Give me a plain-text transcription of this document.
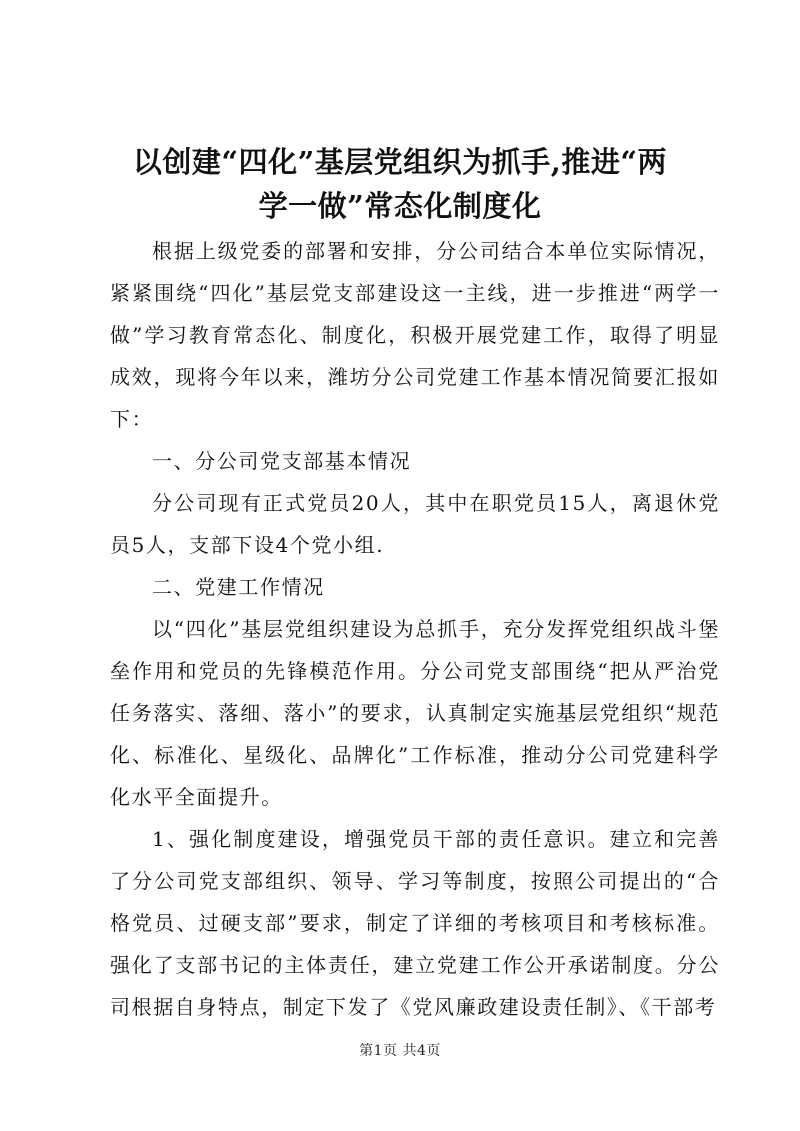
以创建“四化”基层党组织为抓手,推进“两
学一做”常态化制度化

根据上级党委的部署和安排，分公司结合本单位实际情况，紧紧围绕“四化”基层党支部建设这一主线，进一步推进“两学一做”学习教育常态化、制度化，积极开展党建工作，取得了明显成效，现将今年以来，潍坊分公司党建工作基本情况简要汇报如下：

一、分公司党支部基本情况

分公司现有正式党员20人，其中在职党员15人，离退休党员5人，支部下设4个党小组.

二、党建工作情况

以“四化”基层党组织建设为总抓手，充分发挥党组织战斗堡垒作用和党员的先锋模范作用。分公司党支部围绕“把从严治党任务落实、落细、落小”的要求，认真制定实施基层党组织“规范化、标准化、星级化、品牌化”工作标准，推动分公司党建科学化水平全面提升。

1、强化制度建设，增强党员干部的责任意识。建立和完善了分公司党支部组织、领导、学习等制度，按照公司提出的“合格党员、过硬支部”要求，制定了详细的考核项目和考核标准。强化了支部书记的主体责任，建立党建工作公开承诺制度。分公司根据自身特点，制定下发了《党风廉政建设责任制》、《干部考

第1页 共4页
